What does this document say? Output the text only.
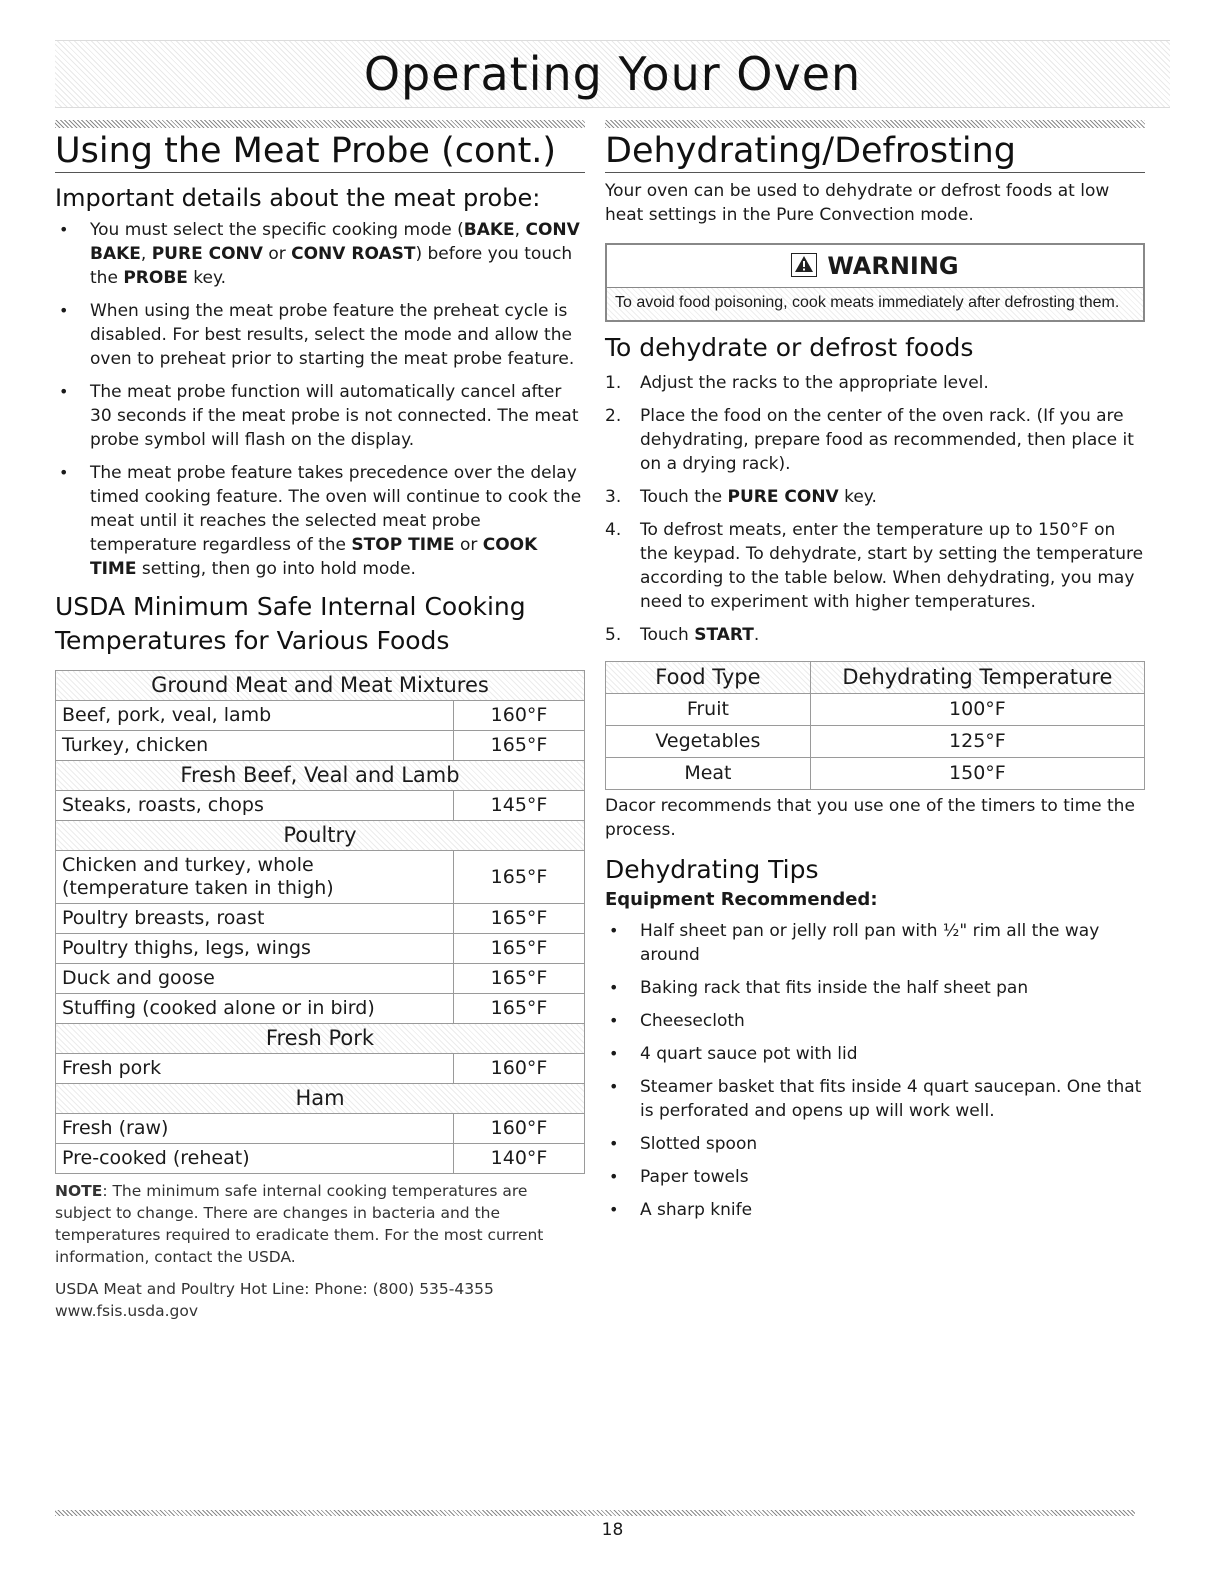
Operating Your Oven
Using the Meat Probe (cont.)
Important details about the meat probe:
• You must select the specific cooking mode (BAKE, CONV BAKE, PURE CONV or CONV ROAST) before you touch the PROBE key.
• When using the meat probe feature the preheat cycle is disabled. For best results, select the mode and allow the oven to preheat prior to starting the meat probe feature.
• The meat probe function will automatically cancel after 30 seconds if the meat probe is not connected. The meat probe symbol will flash on the display.
• The meat probe feature takes precedence over the delay timed cooking feature. The oven will continue to cook the meat until it reaches the selected meat probe temperature regardless of the STOP TIME or COOK TIME setting, then go into hold mode.
USDA Minimum Safe Internal Cooking Temperatures for Various Foods
Ground Meat and Meat Mixtures	
Beef, pork, veal, lamb	160°F
Turkey, chicken	165°F
Fresh Beef, Veal and Lamb	
Steaks, roasts, chops	145°F
Poultry	

Chicken and turkey, whole
(temperature taken in thigh)	165°F
Poultry breasts, roast	165°F
Poultry thighs, legs, wings	165°F
Duck and goose	165°F
Stuffing (cooked alone or in bird)	165°F
Fresh Pork	
Fresh pork	160°F
Ham	
Fresh (raw)	160°F
Pre-cooked (reheat)	140°F

NOTE: The minimum safe internal cooking temperatures are subject to change. There are changes in bacteria and the temperatures required to eradicate them. For the most current information, contact the USDA.

USDA Meat and Poultry Hot Line: Phone: (800) 535-4355

www.fsis.usda.gov

Dehydrating/Defrosting

Your oven can be used to dehydrate or defrost foods at low heat settings in the Pure Convection mode.

WARNING
To avoid food poisoning, cook meats immediately after defrosting them.
To dehydrate or defrost foods
1. Adjust the racks to the appropriate level.
2. Place the food on the center of the oven rack. (If you are dehydrating, prepare food as recommended, then place it on a drying rack).
3. Touch the PURE CONV key.
4. To defrost meats, enter the temperature up to 150°F on the keypad. To dehydrate, start by setting the temperature according to the table below. When dehydrating, you may need to experiment with higher temperatures.
5. Touch START.
Food Type	Dehydrating Temperature
Fruit	100°F
Vegetables	125°F
Meat	150°F

Dacor recommends that you use one of the timers to time the process.

Dehydrating Tips
Equipment Recommended:
• Half sheet pan or jelly roll pan with ½" rim all the way around
• Baking rack that fits inside the half sheet pan
• Cheesecloth
• 4 quart sauce pot with lid
• Steamer basket that fits inside 4 quart saucepan. One that is perforated and opens up will work well.
• Slotted spoon
• Paper towels
• A sharp knife
18
